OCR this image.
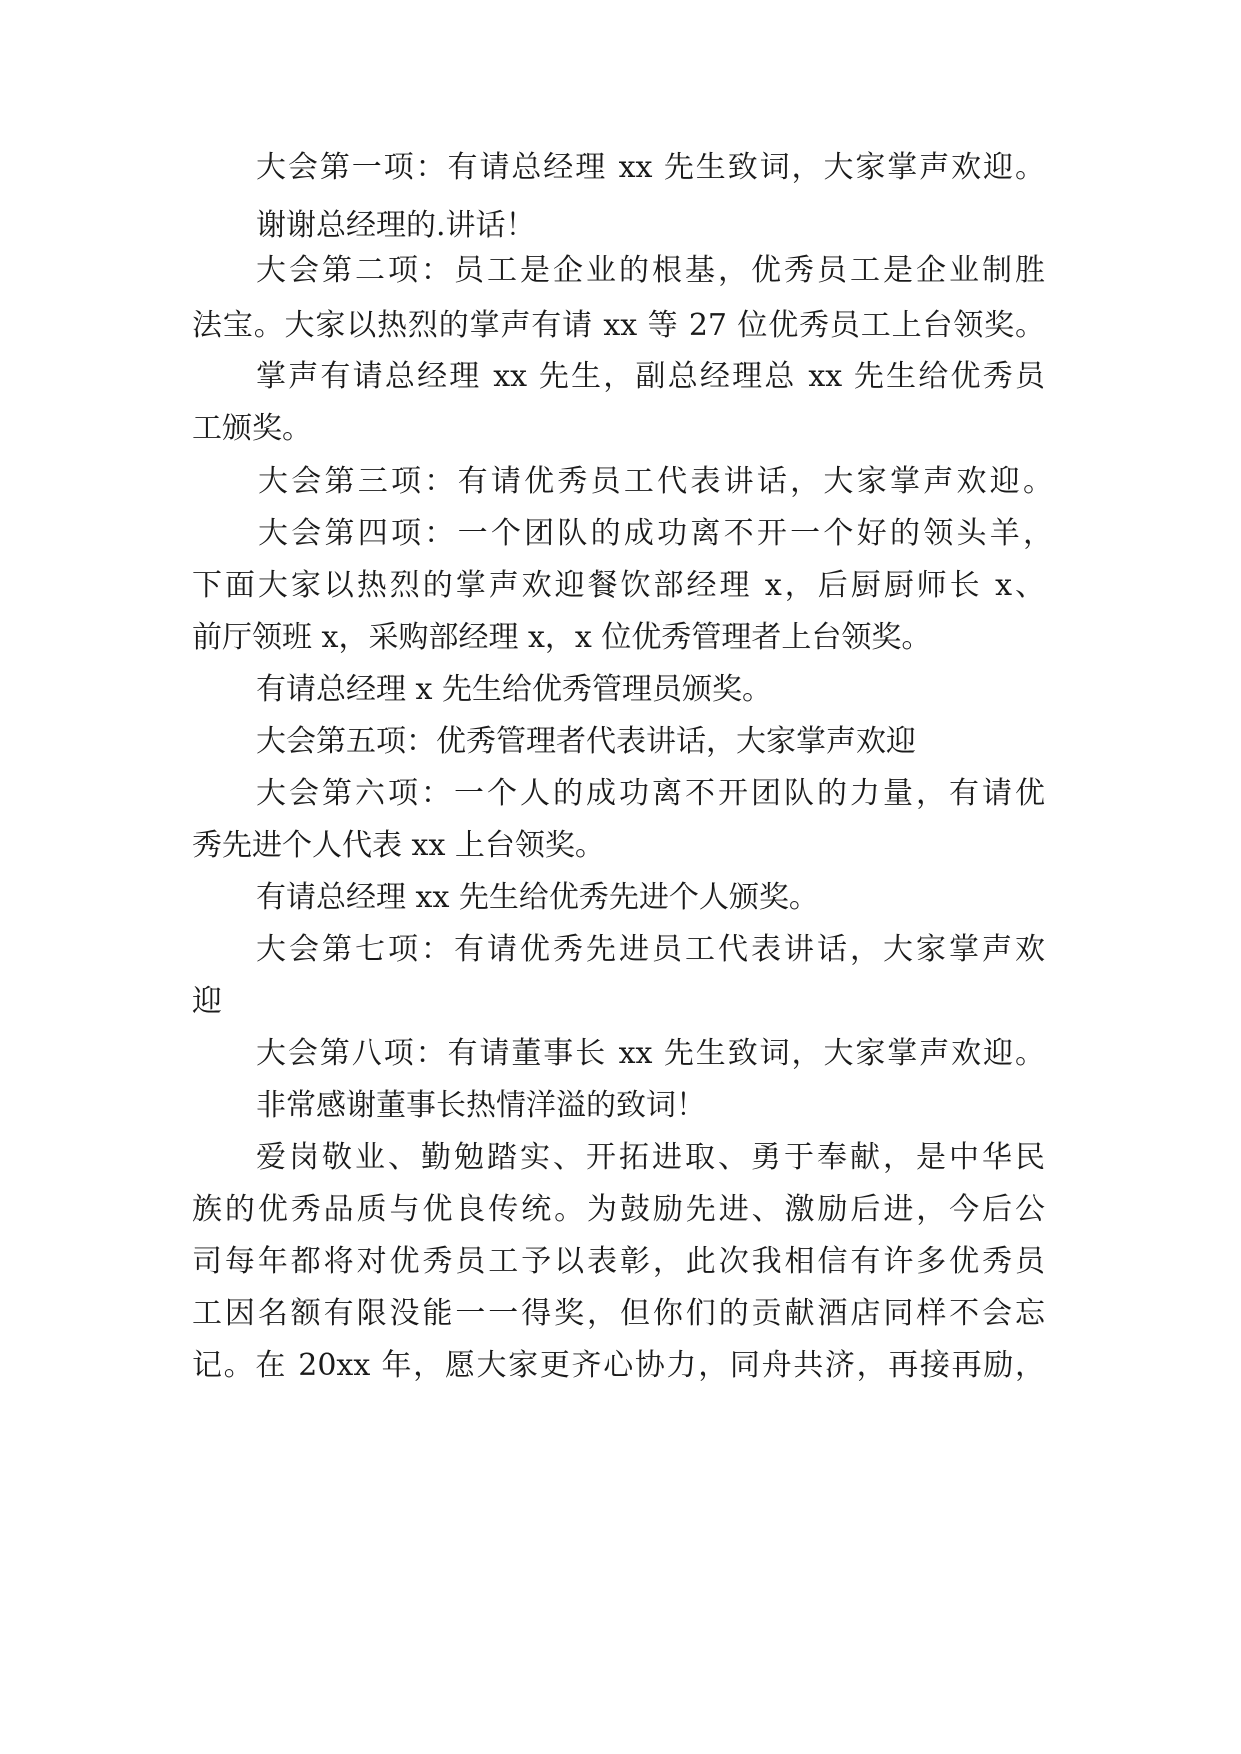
大会第一项：有请总经理 xx 先生致词，大家掌声欢迎。

谢谢总经理的.讲话！

大会第二项：员工是企业的根基，优秀员工是企业制胜

法宝。大家以热烈的掌声有请 xx 等 27 位优秀员工上台领奖。

掌声有请总经理 xx 先生，副总经理总 xx 先生给优秀员

工颁奖。

大会第三项：有请优秀员工代表讲话，大家掌声欢迎。

大会第四项：一个团队的成功离不开一个好的领头羊，

下面大家以热烈的掌声欢迎餐饮部经理 x，后厨厨师长 x、

前厅领班 x，采购部经理 x，x 位优秀管理者上台领奖。

有请总经理 x 先生给优秀管理员颁奖。

大会第五项：优秀管理者代表讲话，大家掌声欢迎

大会第六项：一个人的成功离不开团队的力量，有请优

秀先进个人代表 xx 上台领奖。

有请总经理 xx 先生给优秀先进个人颁奖。

大会第七项：有请优秀先进员工代表讲话，大家掌声欢

迎

大会第八项：有请董事长 xx 先生致词，大家掌声欢迎。

非常感谢董事长热情洋溢的致词！

爱岗敬业、勤勉踏实、开拓进取、勇于奉献，是中华民

族的优秀品质与优良传统。为鼓励先进、激励后进，今后公

司每年都将对优秀员工予以表彰，此次我相信有许多优秀员

工因名额有限没能一一得奖，但你们的贡献酒店同样不会忘

记。在 20xx 年，愿大家更齐心协力，同舟共济，再接再励，
